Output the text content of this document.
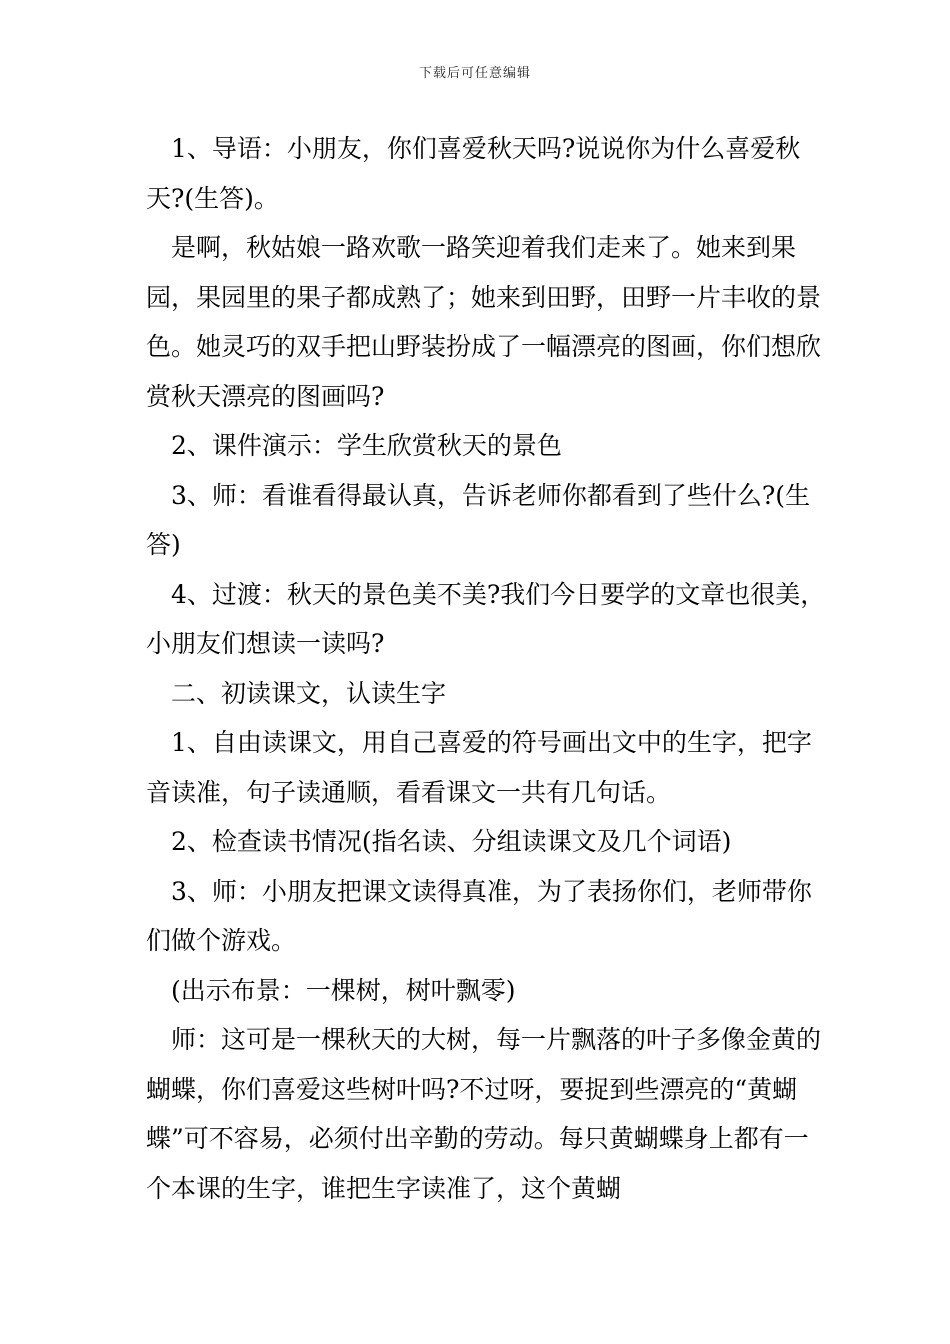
下载后可任意编辑

　1、导语：小朋友，你们喜爱秋天吗?说说你为什么喜爱秋天?(生答)。

　是啊，秋姑娘一路欢歌一路笑迎着我们走来了。她来到果园，果园里的果子都成熟了；她来到田野，田野一片丰收的景色。她灵巧的双手把山野装扮成了一幅漂亮的图画，你们想欣赏秋天漂亮的图画吗?

　2、课件演示：学生欣赏秋天的景色

　3、师：看谁看得最认真，告诉老师你都看到了些什么?(生答)

　4、过渡：秋天的景色美不美?我们今日要学的文章也很美，小朋友们想读一读吗?

　二、初读课文，认读生字

　1、自由读课文，用自己喜爱的符号画出文中的生字，把字音读准，句子读通顺，看看课文一共有几句话。

　2、检查读书情况(指名读、分组读课文及几个词语)

　3、师：小朋友把课文读得真准，为了表扬你们，老师带你们做个游戏。

　(出示布景：一棵树，树叶飘零)

　师：这可是一棵秋天的大树，每一片飘落的叶子多像金黄的蝴蝶，你们喜爱这些树叶吗?不过呀，要捉到些漂亮的“黄蝴蝶”可不容易，必须付出辛勤的劳动。每只黄蝴蝶身上都有一个本课的生字，谁把生字读准了，这个黄蝴
